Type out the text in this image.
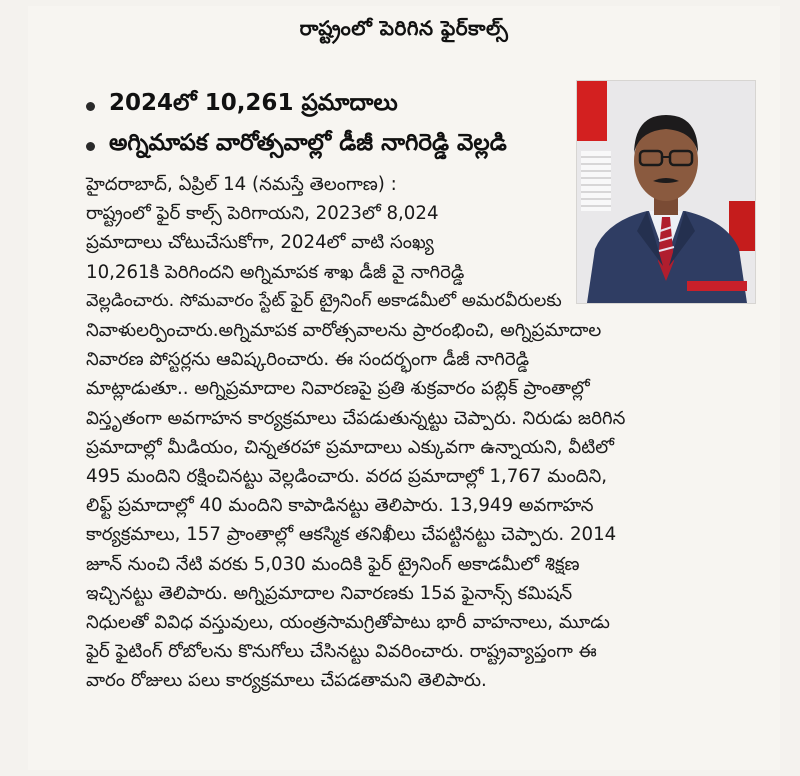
రాష్ట్రంలో పెరిగిన ఫైర్‌కాల్స్
2024లో 10,261 ప్రమాదాలు
అగ్నిమాపక వారోత్సవాల్లో డీజీ నాగిరెడ్డి వెల్లడి
హైదరాబాద్, ఏప్రిల్ 14 (నమస్తే తెలంగాణ) :
రాష్ట్రంలో ఫైర్ కాల్స్ పెరిగాయని, 2023లో 8,024
ప్రమాదాలు చోటుచేసుకోగా, 2024లో వాటి సంఖ్య
10,261కి పెరిగిందని అగ్నిమాపక శాఖ డీజీ వై నాగిరెడ్డి
వెల్లడించారు. సోమవారం స్టేట్ ఫైర్ ట్రైనింగ్ అకాడమీలో అమరవీరులకు
నివాళులర్పించారు.అగ్నిమాపక వారోత్సవాలను ప్రారంభించి, అగ్నిప్రమాదాల
నివారణ పోస్టర్లను ఆవిష్కరించారు. ఈ సందర్భంగా డీజీ నాగిరెడ్డి
మాట్లాడుతూ.. అగ్నిప్రమాదాల నివారణపై ప్రతి శుక్రవారం పబ్లిక్ ప్రాంతాల్లో
విస్తృతంగా అవగాహన కార్యక్రమాలు చేపడుతున్నట్టు చెప్పారు. నిరుడు జరిగిన
ప్రమాదాల్లో మీడియం, చిన్నతరహా ప్రమాదాలు ఎక్కువగా ఉన్నాయని, వీటిలో
495 మందిని రక్షించినట్టు వెల్లడించారు. వరద ప్రమాదాల్లో 1,767 మందిని,
లిఫ్ట్ ప్రమాదాల్లో 40 మందిని కాపాడినట్టు తెలిపారు. 13,949 అవగాహన
కార్యక్రమాలు, 157 ప్రాంతాల్లో ఆకస్మిక తనిఖీలు చేపట్టినట్టు చెప్పారు. 2014
జూన్ నుంచి నేటి వరకు 5,030 మందికి ఫైర్ ట్రైనింగ్ అకాడమీలో శిక్షణ
ఇచ్చినట్టు తెలిపారు. అగ్నిప్రమాదాల నివారణకు 15వ ఫైనాన్స్ కమిషన్
నిధులతో వివిధ వస్తువులు, యంత్రసామగ్రితోపాటు భారీ వాహనాలు, మూడు
ఫైర్ ఫైటింగ్ రోబోలను కొనుగోలు చేసినట్టు వివరించారు. రాష్ట్రవ్యాప్తంగా ఈ
వారం రోజులు పలు కార్యక్రమాలు చేపడతామని తెలిపారు.
